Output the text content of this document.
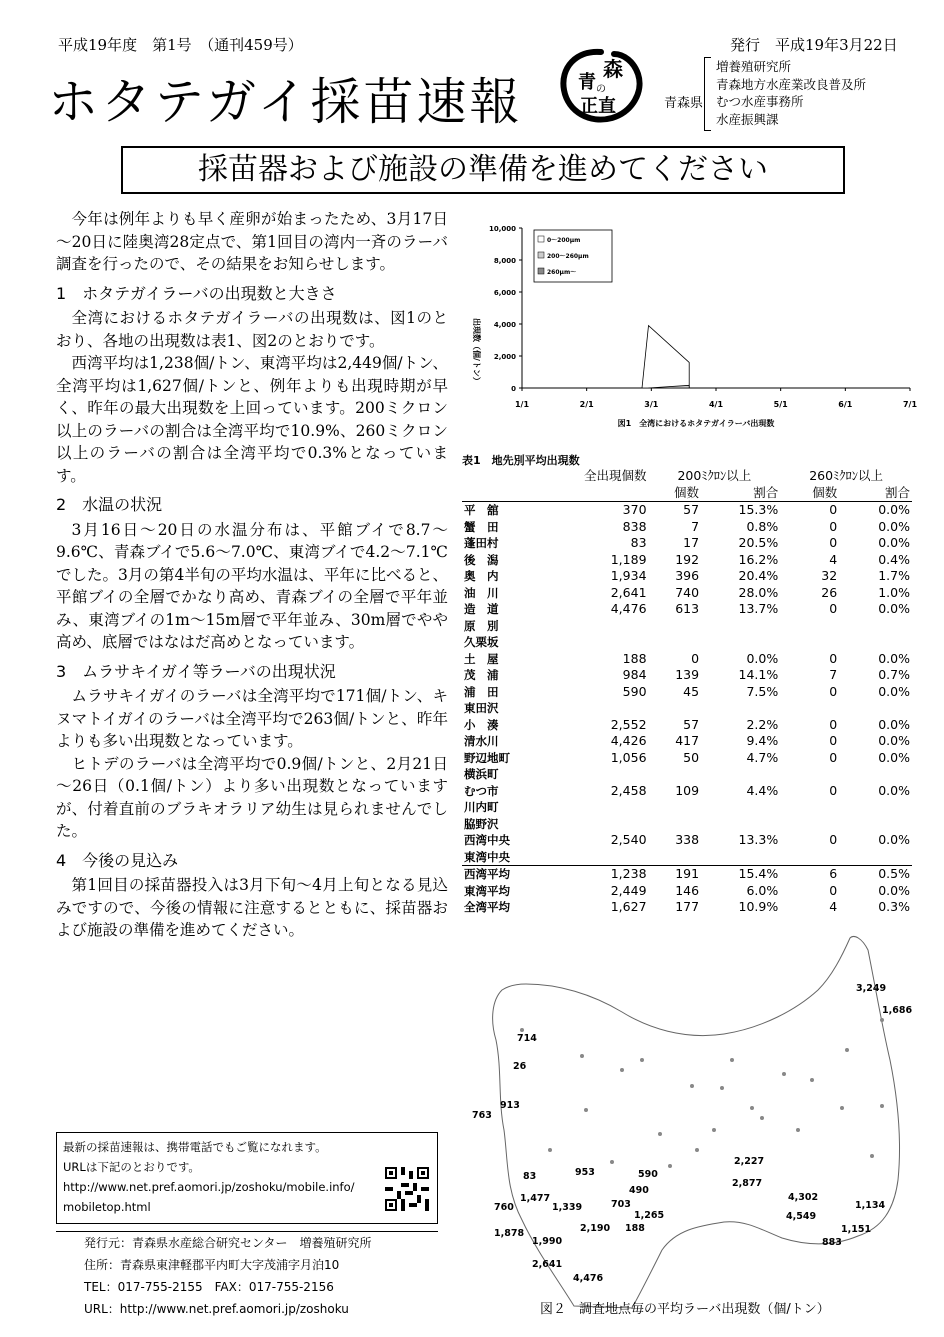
平成19年度　第1号　（通刊459号）	発行　平成19年3月22日
ホタテガイ採苗速報
森
青 の
正直	青森県
増養殖研究所
青森地方水産業改良普及所
むつ水産事務所
水産振興課
採苗器および施設の準備を進めてください

今年は例年よりも早く産卵が始まったため、3月17日～20日に陸奥湾28定点で、第1回目の湾内一斉のラーバ調査を行ったので、その結果をお知らせします。

1　ホタテガイラーバの出現数と大きさ

全湾におけるホタテガイラーバの出現数は、図1のとおり、各地の出現数は表1、図2のとおりです。

西湾平均は1,238個/トン、東湾平均は2,449個/トン、全湾平均は1,627個/トンと、例年よりも出現時期が早く、昨年の最大出現数を上回っています。200ミクロン以上のラーバの割合は全湾平均で10.9%、260ミクロン以上のラーバの割合は全湾平均で0.3%となっています。

2　水温の状況

3月16日～20日の水温分布は、平館ブイで8.7～9.6℃、青森ブイで5.6～7.0℃、東湾ブイで4.2～7.1℃でした。3月の第4半旬の平均水温は、平年に比べると、平館ブイの全層でかなり高め、青森ブイの全層で平年並み、東湾ブイの1m～15m層で平年並み、30m層でやや高め、底層ではなはだ高めとなっています。

3　ムラサキイガイ等ラーバの出現状況

ムラサキイガイのラーバは全湾平均で171個/トン、キヌマトイガイのラーバは全湾平均で263個/トンと、昨年よりも多い出現数となっています。

ヒトデのラーバは全湾平均で0.9個/トンと、2月21日～26日（0.1個/トン）より多い出現数となっていますが、付着直前のブラキオラリア幼生は見られませんでした。

4　今後の見込み

第1回目の採苗器投入は3月下旬～4月上旬となる見込みですので、今後の情報に注意するとともに、採苗器および施設の準備を進めてください。

最新の採苗速報は、携帯電話でもご覧になれます。
URLは下記のとおりです。
http://www.net.pref.aomori.jp/zoshoku/mobile.info/
mobiletop.html
発行元：青森県水産総合研究センター　増養殖研究所
住所：青森県東津軽郡平内町大字茂浦字月泊10
TEL：017-755-2155　FAX：017-755-2156
URL：http://www.net.pref.aomori.jp/zoshoku
0
2,000
4,000
6,000
8,000
10,000
1/1	2/1	3/1	4/1	5/1	6/1	7/1
出現数（個/トン）
図1　全湾におけるホタテガイラーバ出現数
0～200μm
200～260μm
260μm～
表1　地先別平均出現数
	全出現個数	200ﾐｸﾛﾝ以上		260ﾐｸﾛﾝ以上	
		個数	割合	個数	割合
平　舘	370	57	15.3%	0	0.0%
蟹　田	838	7	0.8%	0	0.0%
蓬田村	83	17	20.5%	0	0.0%
後　潟	1,189	192	16.2%	4	0.4%
奥　内	1,934	396	20.4%	32	1.7%
油　川	2,641	740	28.0%	26	1.0%
造　道	4,476	613	13.7%	0	0.0%
原　別					
久栗坂					
土　屋	188	0	0.0%	0	0.0%
茂　浦	984	139	14.1%	7	0.7%
浦　田	590	45	7.5%	0	0.0%
東田沢					
小　湊	2,552	57	2.2%	0	0.0%
清水川	4,426	417	9.4%	0	0.0%
野辺地町	1,056	50	4.7%	0	0.0%
横浜町					
むつ市	2,458	109	4.4%	0	0.0%
川内町					
脇野沢					
西湾中央	2,540	338	13.3%	0	0.0%
東湾中央					
西湾平均	1,238	191	15.4%	6	0.5%
東湾平均	2,449	146	6.0%	0	0.0%
全湾平均	1,627	177	10.9%	4	0.3%
3,249
1,686
714
26
913
763
2,227
2,877
83	953	590
490
1,477
760	1,339	703
1,265
188
2,190
4,302
1,134
4,549
1,151
883
1,878
1,990
2,641
4,476
図２　調査地点毎の平均ラーバ出現数（個/トン）
